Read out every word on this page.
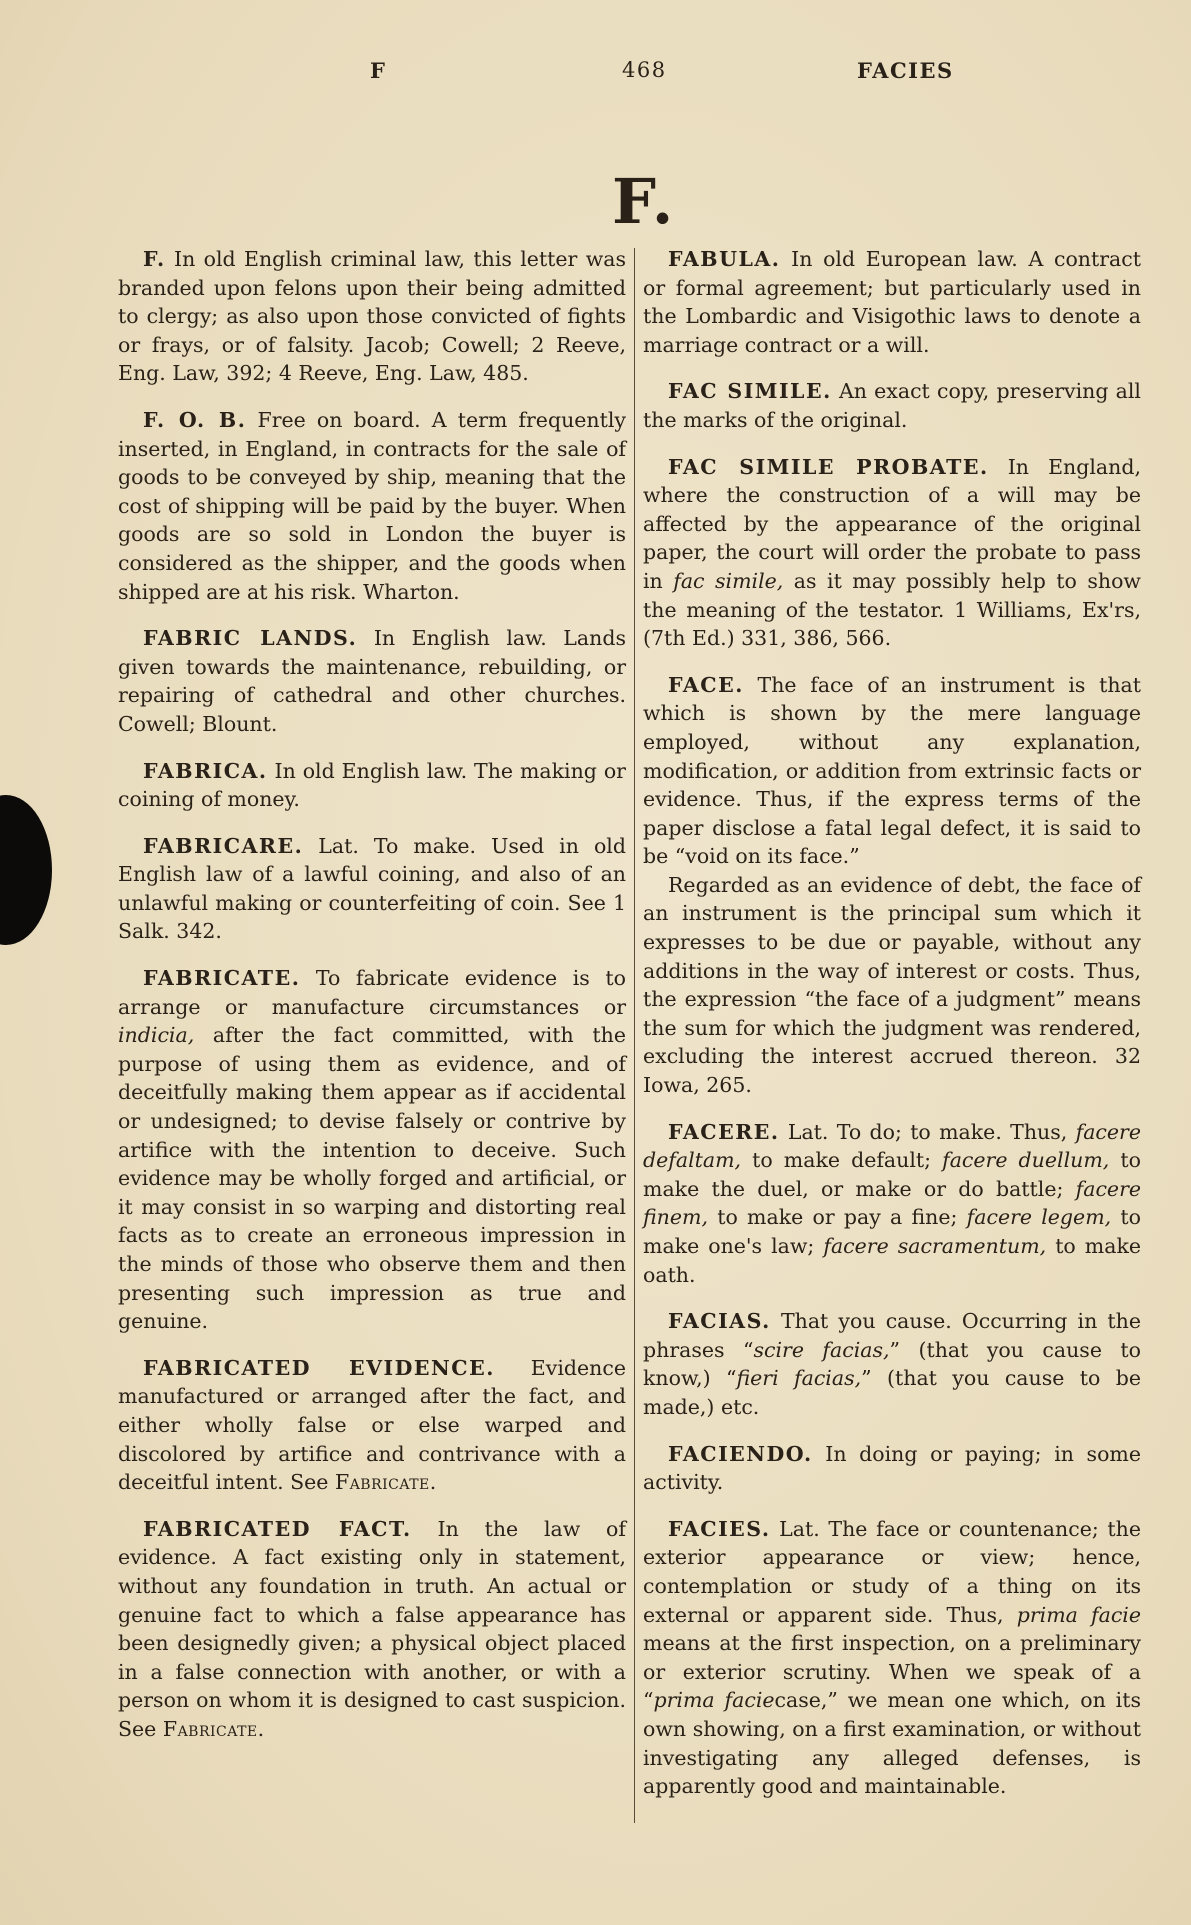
F	468	FACIES
F.

F. In old English criminal law, this letter was branded upon felons upon their being admitted to clergy; as also upon those convicted of fights or frays, or of falsity. Jacob; Cowell; 2 Reeve, Eng. Law, 392; 4 Reeve, Eng. Law, 485.

F. O. B. Free on board. A term frequently inserted, in England, in contracts for the sale of goods to be conveyed by ship, meaning that the cost of shipping will be paid by the buyer. When goods are so sold in London the buyer is considered as the shipper, and the goods when shipped are at his risk. Wharton.

FABRIC LANDS. In English law. Lands given towards the maintenance, rebuilding, or repairing of cathedral and other churches. Cowell; Blount.

FABRICA. In old English law. The making or coining of money.

FABRICARE. Lat. To make. Used in old English law of a lawful coining, and also of an unlawful making or counterfeiting of coin. See 1 Salk. 342.

FABRICATE. To fabricate evidence is to arrange or manufacture circumstances or indicia, after the fact committed, with the purpose of using them as evidence, and of deceitfully making them appear as if accidental or undesigned; to devise falsely or contrive by artifice with the intention to deceive. Such evidence may be wholly forged and artificial, or it may consist in so warping and distorting real facts as to create an erroneous impression in the minds of those who observe them and then presenting such impression as true and genuine.

FABRICATED EVIDENCE. Evidence manufactured or arranged after the fact, and either wholly false or else warped and discolored by artifice and contrivance with a deceitful intent. See Fabricate.

FABRICATED FACT. In the law of evidence. A fact existing only in statement, without any foundation in truth. An actual or genuine fact to which a false appearance has been designedly given; a physical object placed in a false connection with another, or with a person on whom it is designed to cast suspicion. See Fabricate.

FABULA. In old European law. A contract or formal agreement; but particularly used in the Lombardic and Visigothic laws to denote a marriage contract or a will.

FAC SIMILE. An exact copy, preserving all the marks of the original.

FAC SIMILE PROBATE. In England, where the construction of a will may be affected by the appearance of the original paper, the court will order the probate to pass in fac simile, as it may possibly help to show the meaning of the testator. 1 Williams, Ex'rs, (7th Ed.) 331, 386, 566.

FACE. The face of an instrument is that which is shown by the mere language employed, without any explanation, modification, or addition from extrinsic facts or evidence. Thus, if the express terms of the paper disclose a fatal legal defect, it is said to be “void on its face.”

Regarded as an evidence of debt, the face of an instrument is the principal sum which it expresses to be due or payable, without any additions in the way of interest or costs. Thus, the expression “the face of a judgment” means the sum for which the judgment was rendered, excluding the interest accrued thereon. 32 Iowa, 265.

FACERE. Lat. To do; to make. Thus, facere defaltam, to make default; facere duellum, to make the duel, or make or do battle; facere finem, to make or pay a fine; facere legem, to make one's law; facere sacramentum, to make oath.

FACIAS. That you cause. Occurring in the phrases “scire facias,” (that you cause to know,) “fieri facias,” (that you cause to be made,) etc.

FACIENDO. In doing or paying; in some activity.

FACIES. Lat. The face or countenance; the exterior appearance or view; hence, contemplation or study of a thing on its external or apparent side. Thus, prima facie means at the first inspection, on a preliminary or exterior scrutiny. When we speak of a “prima faciecase,” we mean one which, on its own showing, on a first examination, or without investigating any alleged defenses, is apparently good and maintainable.
